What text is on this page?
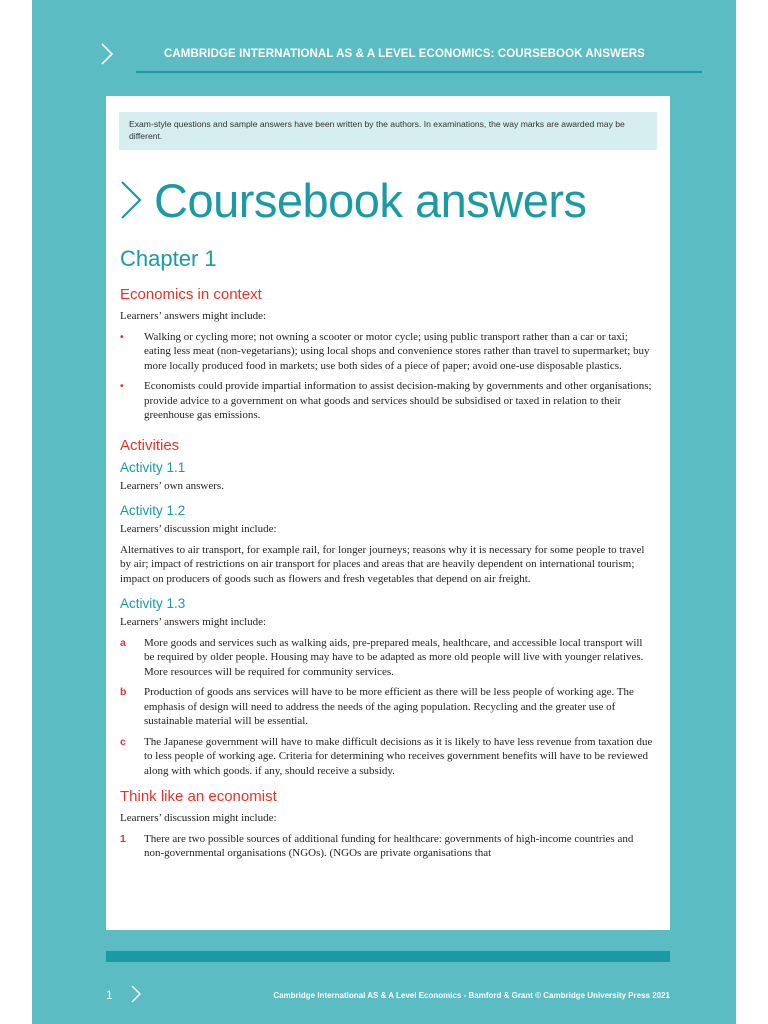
CAMBRIDGE INTERNATIONAL AS & A LEVEL ECONOMICS: COURSEBOOK ANSWERS
Exam-style questions and sample answers have been written by the authors. In examinations, the way marks are awarded may be different.
Coursebook answers
Chapter 1
Economics in context

Learners’ answers might include:

•	Walking or cycling more; not owning a scooter or motor cycle; using public transport rather than a car or taxi; eating less meat (non-vegetarians); using local shops and convenience stores rather than travel to supermarket; buy more locally produced food in markets; use both sides of a piece of paper; avoid one-use disposable plastics.
•	Economists could provide impartial information to assist decision-making by governments and other organisations; provide advice to a government on what goods and services should be subsidised or taxed in relation to their greenhouse gas emissions.
Activities
Activity 1.1

Learners’ own answers.

Activity 1.2

Learners’ discussion might include:

Alternatives to air transport, for example rail, for longer journeys; reasons why it is necessary for some people to travel by air; impact of restrictions on air transport for places and areas that are heavily dependent on international tourism; impact on producers of goods such as flowers and fresh vegetables that depend on air freight.

Activity 1.3

Learners’ answers might include:

a	More goods and services such as walking aids, pre-prepared meals, healthcare, and accessible local transport will be required by older people. Housing may have to be adapted as more old people will live with younger relatives. More resources will be required for community services.
b	Production of goods ans services will have to be more efficient as there will be less people of working age. The emphasis of design will need to address the needs of the aging population. Recycling and the greater use of sustainable material will be essential.
c	The Japanese government will have to make difficult decisions as it is likely to have less revenue from taxation due to less people of working age. Criteria for determining who receives government benefits will have to be reviewed along with which goods. if any, should receive a subsidy.
Think like an economist

Learners’ discussion might include:

1	There are two possible sources of additional funding for healthcare: governments of high-income countries and non-governmental organisations (NGOs). (NGOs are private organisations that
1	Cambridge International AS & A Level Economics - Bamford & Grant © Cambridge University Press 2021
